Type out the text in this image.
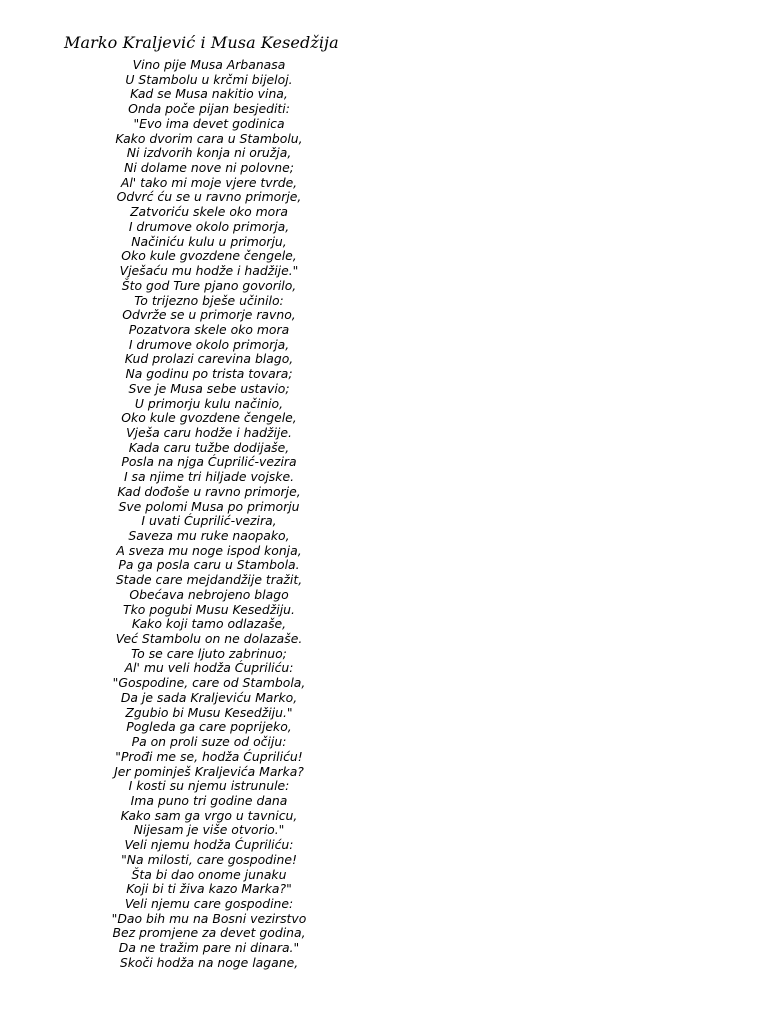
Marko Kraljević i Musa Kesedžija
Vino pije Musa Arbanasa
U Stambolu u krčmi bijeloj.
Kad se Musa nakitio vina,
Onda poče pijan besjediti:
"Evo ima devet godinica
Kako dvorim cara u Stambolu,
Ni izdvorih konja ni oružja,
Ni dolame nove ni polovne;
Al' tako mi moje vjere tvrde,
Odvrć ću se u ravno primorje,
Zatvoriću skele oko mora
I drumove okolo primorja,
Načiniću kulu u primorju,
Oko kule gvozdene čengele,
Vješaću mu hodže i hadžije."
Što god Ture pjano govorilo,
To trijezno bješe učinilo:
Odvrže se u primorje ravno,
Pozatvora skele oko mora
I drumove okolo primorja,
Kud prolazi carevina blago,
Na godinu po trista tovara;
Sve je Musa sebe ustavio;
U primorju kulu načinio,
Oko kule gvozdene čengele,
Vješa caru hodže i hadžije.
Kada caru tužbe dodijaše,
Posla na njga Ćuprilić-vezira
I sa njime tri hiljade vojske.
Kad dođoše u ravno primorje,
Sve polomi Musa po primorju
I uvati Ćuprilić-vezira,
Saveza mu ruke naopako,
A sveza mu noge ispod konja,
Pa ga posla caru u Stambola.
Stade care mejdandžije tražit,
Obećava nebrojeno blago
Tko pogubi Musu Kesedžiju.
Kako koji tamo odlazaše,
Već Stambolu on ne dolazaše.
To se care ljuto zabrinuo;
Al' mu veli hodža Ćupriliću:
"Gospodine, care od Stambola,
Da je sada Kraljeviću Marko,
Zgubio bi Musu Kesedžiju."
Pogleda ga care poprijeko,
Pa on proli suze od očiju:
"Prođi me se, hodža Ćupriliću!
Jer pominješ Kraljevića Marka?
I kosti su njemu istrunule:
Ima puno tri godine dana
Kako sam ga vrgo u tavnicu,
Nijesam je više otvorio."
Veli njemu hodža Ćupriliću:
"Na milosti, care gospodine!
Šta bi dao onome junaku
Koji bi ti živa kazo Marka?"
Veli njemu care gospodine:
"Dao bih mu na Bosni vezirstvo
Bez promjene za devet godina,
Da ne tražim pare ni dinara."
Skoči hodža na noge lagane,
